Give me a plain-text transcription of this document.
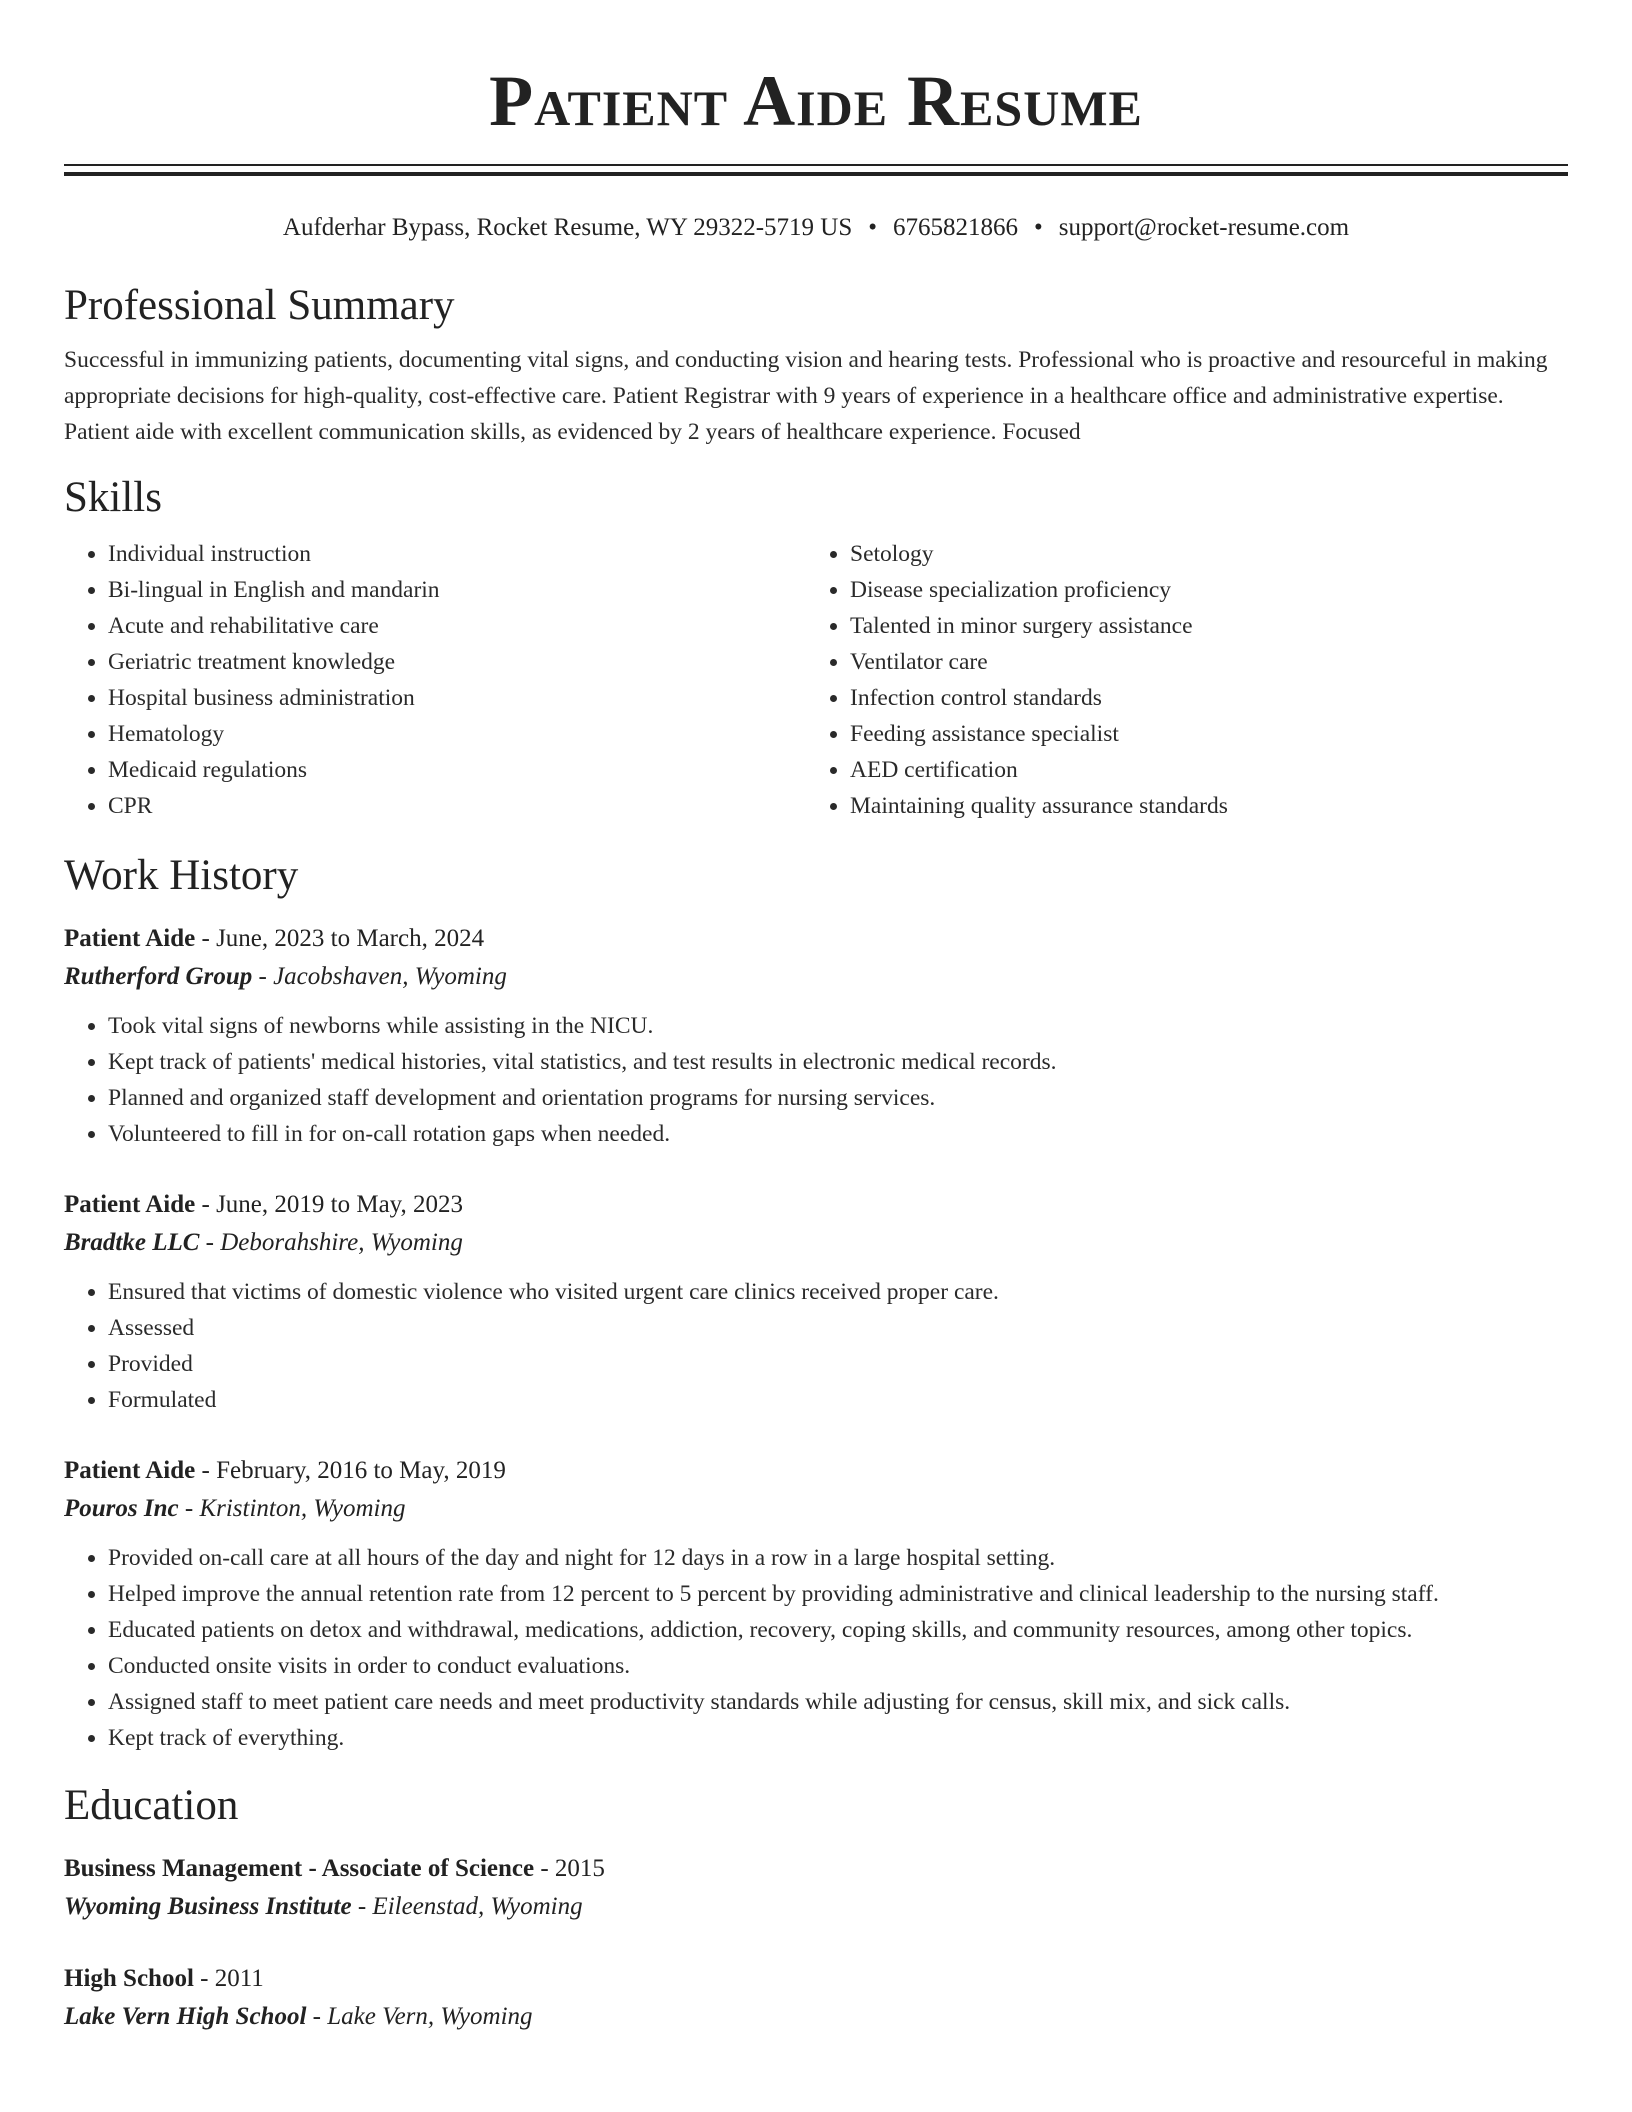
Patient Aide Resume
Aufderhar Bypass, Rocket Resume, WY 29322-5719 US • 6765821866 • support@rocket-resume.com
Professional Summary
Successful in immunizing patients, documenting vital signs, and conducting vision and hearing tests. Professional who is proactive and resourceful in making appropriate decisions for high-quality, cost-effective care. Patient Registrar with 9 years of experience in a healthcare office and administrative expertise. Patient aide with excellent communication skills, as evidenced by 2 years of healthcare experience. Focused
Skills
• Individual instruction
• Bi-lingual in English and mandarin
• Acute and rehabilitative care
• Geriatric treatment knowledge
• Hospital business administration
• Hematology
• Medicaid regulations
• CPR
• Setology
• Disease specialization proficiency
• Talented in minor surgery assistance
• Ventilator care
• Infection control standards
• Feeding assistance specialist
• AED certification
• Maintaining quality assurance standards
Work History
Patient Aide - June, 2023 to March, 2024
Rutherford Group - Jacobshaven, Wyoming
• Took vital signs of newborns while assisting in the NICU.
• Kept track of patients' medical histories, vital statistics, and test results in electronic medical records.
• Planned and organized staff development and orientation programs for nursing services.
• Volunteered to fill in for on-call rotation gaps when needed.
Patient Aide - June, 2019 to May, 2023
Bradtke LLC - Deborahshire, Wyoming
• Ensured that victims of domestic violence who visited urgent care clinics received proper care.
• Assessed
• Provided
• Formulated
Patient Aide - February, 2016 to May, 2019
Pouros Inc - Kristinton, Wyoming
• Provided on-call care at all hours of the day and night for 12 days in a row in a large hospital setting.
• Helped improve the annual retention rate from 12 percent to 5 percent by providing administrative and clinical leadership to the nursing staff.
• Educated patients on detox and withdrawal, medications, addiction, recovery, coping skills, and community resources, among other topics.
• Conducted onsite visits in order to conduct evaluations.
• Assigned staff to meet patient care needs and meet productivity standards while adjusting for census, skill mix, and sick calls.
• Kept track of everything.
Education
Business Management - Associate of Science - 2015
Wyoming Business Institute - Eileenstad, Wyoming
High School - 2011
Lake Vern High School - Lake Vern, Wyoming
